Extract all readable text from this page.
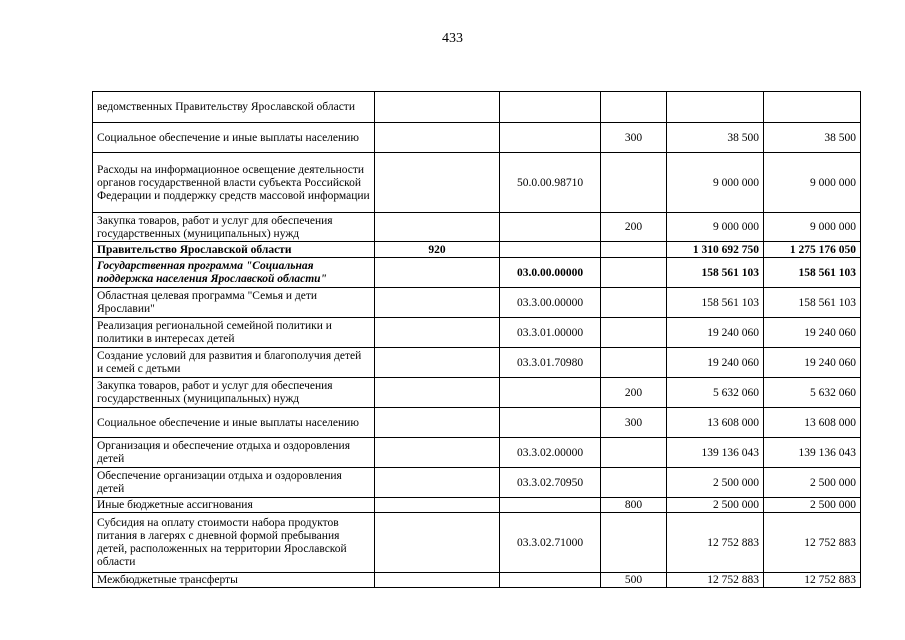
433
ведомственных Правительству Ярославской области					
Социальное обеспечение и иные выплаты населению			300	38 500	38 500
Расходы на информационное освещение деятельности органов государственной власти субъекта Российской Федерации и поддержку средств массовой информации		50.0.00.98710		9 000 000	9 000 000
Закупка товаров, работ и услуг для обеспечения государственных (муниципальных) нужд			200	9 000 000	9 000 000
Правительство Ярославской области	920			1 310 692 750	1 275 176 050
Государственная программа "Социальная поддержка населения Ярославской области"		03.0.00.00000		158 561 103	158 561 103
Областная целевая программа "Семья и дети Ярославии"		03.3.00.00000		158 561 103	158 561 103
Реализация региональной семейной политики и политики в интересах детей		03.3.01.00000		19 240 060	19 240 060
Создание условий для развития и благополучия детей и семей с детьми		03.3.01.70980		19 240 060	19 240 060
Закупка товаров, работ и услуг для обеспечения государственных (муниципальных) нужд			200	5 632 060	5 632 060
Социальное обеспечение и иные выплаты населению			300	13 608 000	13 608 000
Организация и обеспечение отдыха и оздоровления детей		03.3.02.00000		139 136 043	139 136 043
Обеспечение организации отдыха и оздоровления детей		03.3.02.70950		2 500 000	2 500 000
Иные бюджетные ассигнования			800	2 500 000	2 500 000
Субсидия на оплату стоимости набора продуктов питания в лагерях с дневной формой пребывания детей, расположенных на территории Ярославской области		03.3.02.71000		12 752 883	12 752 883
Межбюджетные трансферты			500	12 752 883	12 752 883
